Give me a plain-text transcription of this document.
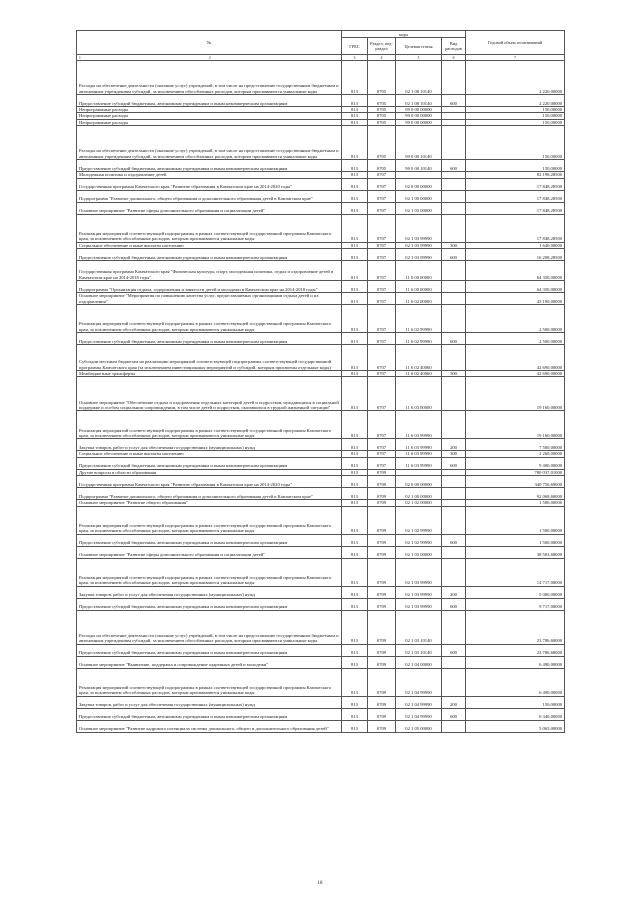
№	коды				Годовой объем ассигнований
	ГРБС	Раздел, под-раздел	Целевая статья	Вид расходов	

1 2	3	4	5	6	7
Расходы на обеспечение деятельности (оказание услуг) учреждений, в том числе на предоставление государственным бюджетным и автономным учреждениям субсидий, за исключением обособленных расходов, которым присваиваются уникальные коды	813	0705	02 1 08 10140		2 220,00000
Предоставление субсидий бюджетным, автономным учреждениям и иным некоммерческим организациям	813	0705	02 1 08 10140	600	2 220,00000
Непрограммные расходы	813	0705	99 0 00 00000		150,00000
Непрограммные расходы	813	0705	99 0 00 00000		150,00000
Непрограммные расходы	813	0705	99 0 00 00000		150,00000
Расходы на обеспечение деятельности (оказание услуг) учреждений, в том числе на предоставление государственным бюджетным и автономным учреждениям субсидий, за исключением обособленных расходов, которым присваиваются уникальные коды	813	0705	99 0 00 10140		150,00000
Предоставление субсидий бюджетным, автономным учреждениям и иным некоммерческим организациям	813	0705	99 0 00 10140	600	150,00000
Молодежная политика и оздоровление детей	813	0707			82 198,28500
Государственная программа Камчатского края "Развитие образования в Камчатском крае на 2014-2020 годы"	813	0707	02 0 00 00000		17 848,28500
Подпрограмма "Развитие дошкольного, общего образования и дополнительного образования детей в Камчатском крае"	813	0707	02 1 00 00000		17 848,28500
Основное мероприятие "Развитие сферы дополнительного образования и социализации детей"	813	0707	02 1 03 00000		17 848,28500
Реализация мероприятий соответствующей подпрограммы в рамках соответствующей государственной программы Камчатского края, за исключением обособленных расходов, которым присваиваются уникальные коды	813	0707	02 1 03 99990		17 848,28500
Социальное обеспечение и иные выплаты населению	813	0707	02 1 03 99990	300	1 640,00000
Предоставление субсидий бюджетным, автономным учреждениям и иным некоммерческим организациям	813	0707	02 1 03 99990	600	16 208,28500
Государственная программа Камчатского края "Физическая культура, спорт, молодежная политика, отдых и оздоровление детей в Камчатском крае на 2014-2018 годы"	813	0707	11 0 00 00000		64 350,00000
Подпрограмма "Организация отдыха, оздоровления и занятости детей и молодежи в Камчатском крае на 2014-2018 годы"	813	0707	11 6 00 00000		64 350,00000
Основное мероприятие "Мероприятия по повышению качества услуг, предоставляемых организациями отдыха детей и их оздоровления"	813	0707	11 6 02 00000		45 190,00000
Реализация мероприятий соответствующей подпрограммы в рамках соответствующей государственной программы Камчатского края, за исключением обособленных расходов, которым присваиваются уникальные коды	813	0707	11 6 02 99990		2 500,00000
Предоставление субсидий бюджетным, автономным учреждениям и иным некоммерческим организациям	813	0707	11 6 02 99990	600	2 500,00000
Субсидии местным бюджетам на реализацию мероприятий соответствующей подпрограммы соответствующей государственной программы Камчатского края (за исключением инвестиционных мероприятий и субсидий, которым присвоены отдельные коды)	813	0707	11 6 02 40060		42 690,00000
Межбюджетные трансферты	813	0707	11 6 02 40060	500	42 690,00000
Основное мероприятие "Обеспечение отдыха и оздоровления отдельных категорий детей и подростков, нуждающихся в социальной поддержке и особом социальном сопровождении, в том числе детей и подростков, оказавшихся в трудной жизненной ситуации"	813	0707	11 6 03 00000		19 160,00000
Реализация мероприятий соответствующей подпрограммы в рамках соответствующей государственной программы Камчатского края, за исключением обособленных расходов, которым присваиваются уникальные коды	813	0707	11 6 03 99990		19 160,00000
Закупка товаров, работ и услуг для обеспечения государственных (муниципальных) нужд	813	0707	11 6 03 99990	200	7 500,00000
Социальное обеспечение и иные выплаты населению	813	0707	11 6 03 99990	300	2 260,00000
Предоставление субсидий бюджетным, автономным учреждениям и иным некоммерческим организациям	813	0707	11 6 03 99990	600	9 400,00000
Другие вопросы в области образования	813	0709			780 037,01000
Государственная программа Камчатского края "Развитие образования в Камчатском крае на 2014-2020 годы"	813	0709	02 0 00 00000		340 750,69000
Подпрограмма "Развитие дошкольного, общего образования и дополнительного образования детей в Камчатском крае"	813	0709	02 1 00 00000		92 068,68000
Основное мероприятие "Развитие общего образования"	813	0709	02 1 02 00000		1 500,00000
Реализация мероприятий соответствующей подпрограммы в рамках соответствующей государственной программы Камчатского края, за исключением обособленных расходов, которым присваиваются уникальные коды	813	0709	02 1 02 99990		1 500,00000
Предоставление субсидий бюджетным, автономным учреждениям и иным некоммерческим организациям	813	0709	02 1 02 99990	600	1 500,00000
Основное мероприятие "Развитие сферы дополнительного образования и социализации детей"	813	0709	02 1 03 00000		38 503,68000
Реализация мероприятий соответствующей подпрограммы в рамках соответствующей государственной программы Камчатского края, за исключением обособленных расходов, которым присваиваются уникальные коды	813	0709	02 1 03 99990		14 717,00000
Закупка товаров, работ и услуг для обеспечения государственных (муниципальных) нужд	813	0709	02 1 03 99990	200	5 000,00000
Предоставление субсидий бюджетным, автономным учреждениям и иным некоммерческим организациям	813	0709	02 1 03 99990	600	9 717,00000
Расходы на обеспечение деятельности (оказание услуг) учреждений, в том числе на предоставление государственным бюджетным и автономным учреждениям субсидий, за исключением обособленных расходов, которым присваиваются уникальные коды	813	0709	02 1 03 10140		23 786,68000
Предоставление субсидий бюджетным, автономным учреждениям и иным некоммерческим организациям	813	0709	02 1 03 10140	600	23 786,68000
Основное мероприятие "Выявление, поддержка и сопровождение одаренных детей и молодежи"	813	0709	02 1 04 00000		6 490,00000
Реализация мероприятий соответствующей подпрограммы в рамках соответствующей государственной программы Камчатского края, за исключением обособленных расходов, которым присваиваются уникальные коды	813	0709	02 1 04 99990		6 490,00000
Закупка товаров, работ и услуг для обеспечения государственных (муниципальных) нужд	813	0709	02 1 04 99990	200	150,00000
Предоставление субсидий бюджетным, автономным учреждениям и иным некоммерческим организациям	813	0709	02 1 04 99990	600	6 340,00000
Основное мероприятие "Развитие кадрового потенциала системы дошкольного, общего и дополнительного образования детей"	813	0709	02 1 05 00000		5 065,00000
18
